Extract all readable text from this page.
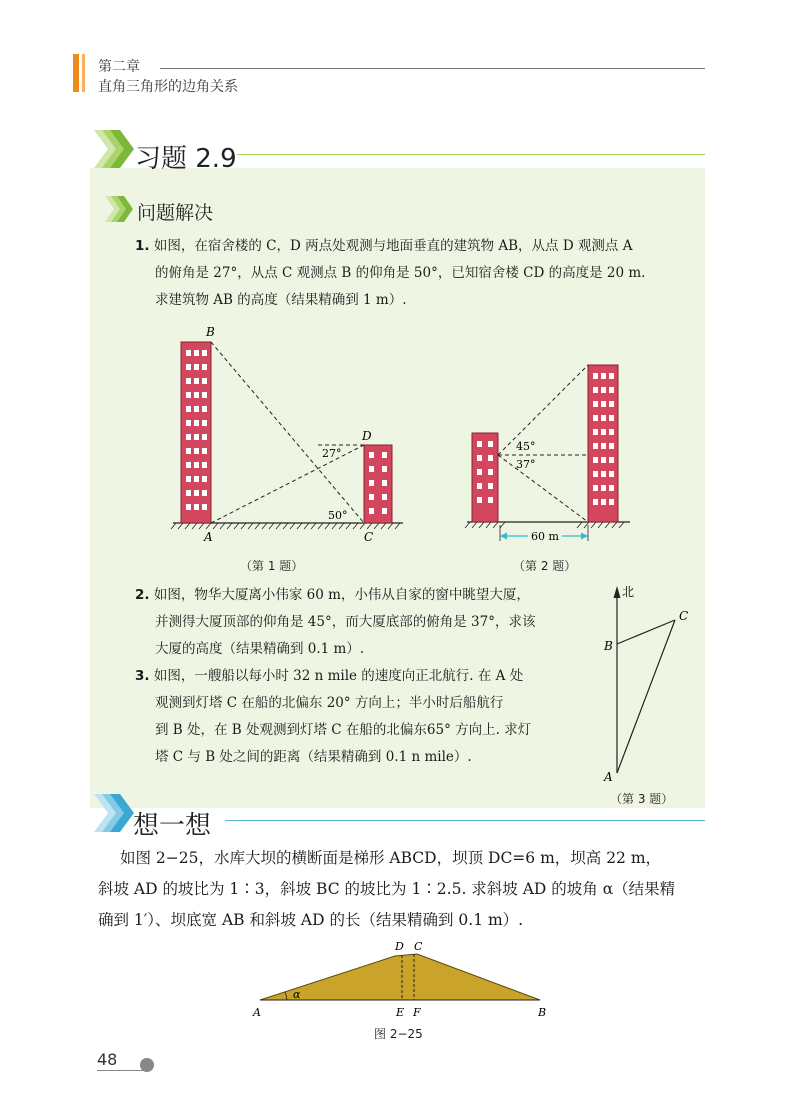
第二章
直角三角形的边角关系
习题 2.9
问题解决
1. 如图，在宿舍楼的 C，D 两点处观测与地面垂直的建筑物 AB，从点 D 观测点 A
的俯角是 27°，从点 C 观测点 B 的仰角是 50°，已知宿舍楼 CD 的高度是 20 m.
求建筑物 AB 的高度（结果精确到 1 m）.
B
D
A	C
27°
50°
（第 1 题）
45°
37°
60 m
（第 2 题）
2. 如图，物华大厦离小伟家 60 m，小伟从自家的窗中眺望大厦，
并测得大厦顶部的仰角是 45°，而大厦底部的俯角是 37°，求该
大厦的高度（结果精确到 0.1 m）.
3. 如图，一艘船以每小时 32 n mile 的速度向正北航行. 在 A 处
观测到灯塔 C 在船的北偏东 20° 方向上；半小时后船航行
到 B 处，在 B 处观测到灯塔 C 在船的北偏东65° 方向上. 求灯
塔 C 与 B 处之间的距离（结果精确到 0.1 n mile）.
北
C
B
A
（第 3 题）
想一想
如图 2−25，水库大坝的横断面是梯形 ABCD，坝顶 DC=6 m，坝高 22 m，
斜坡 AD 的坡比为 1∶3，斜坡 BC 的坡比为 1∶2.5. 求斜坡 AD 的坡角 α（结果精
确到 1′）、坝底宽 AB 和斜坡 AD 的长（结果精确到 0.1 m）.
α
D C
A	E F	B
图 2−25
48
